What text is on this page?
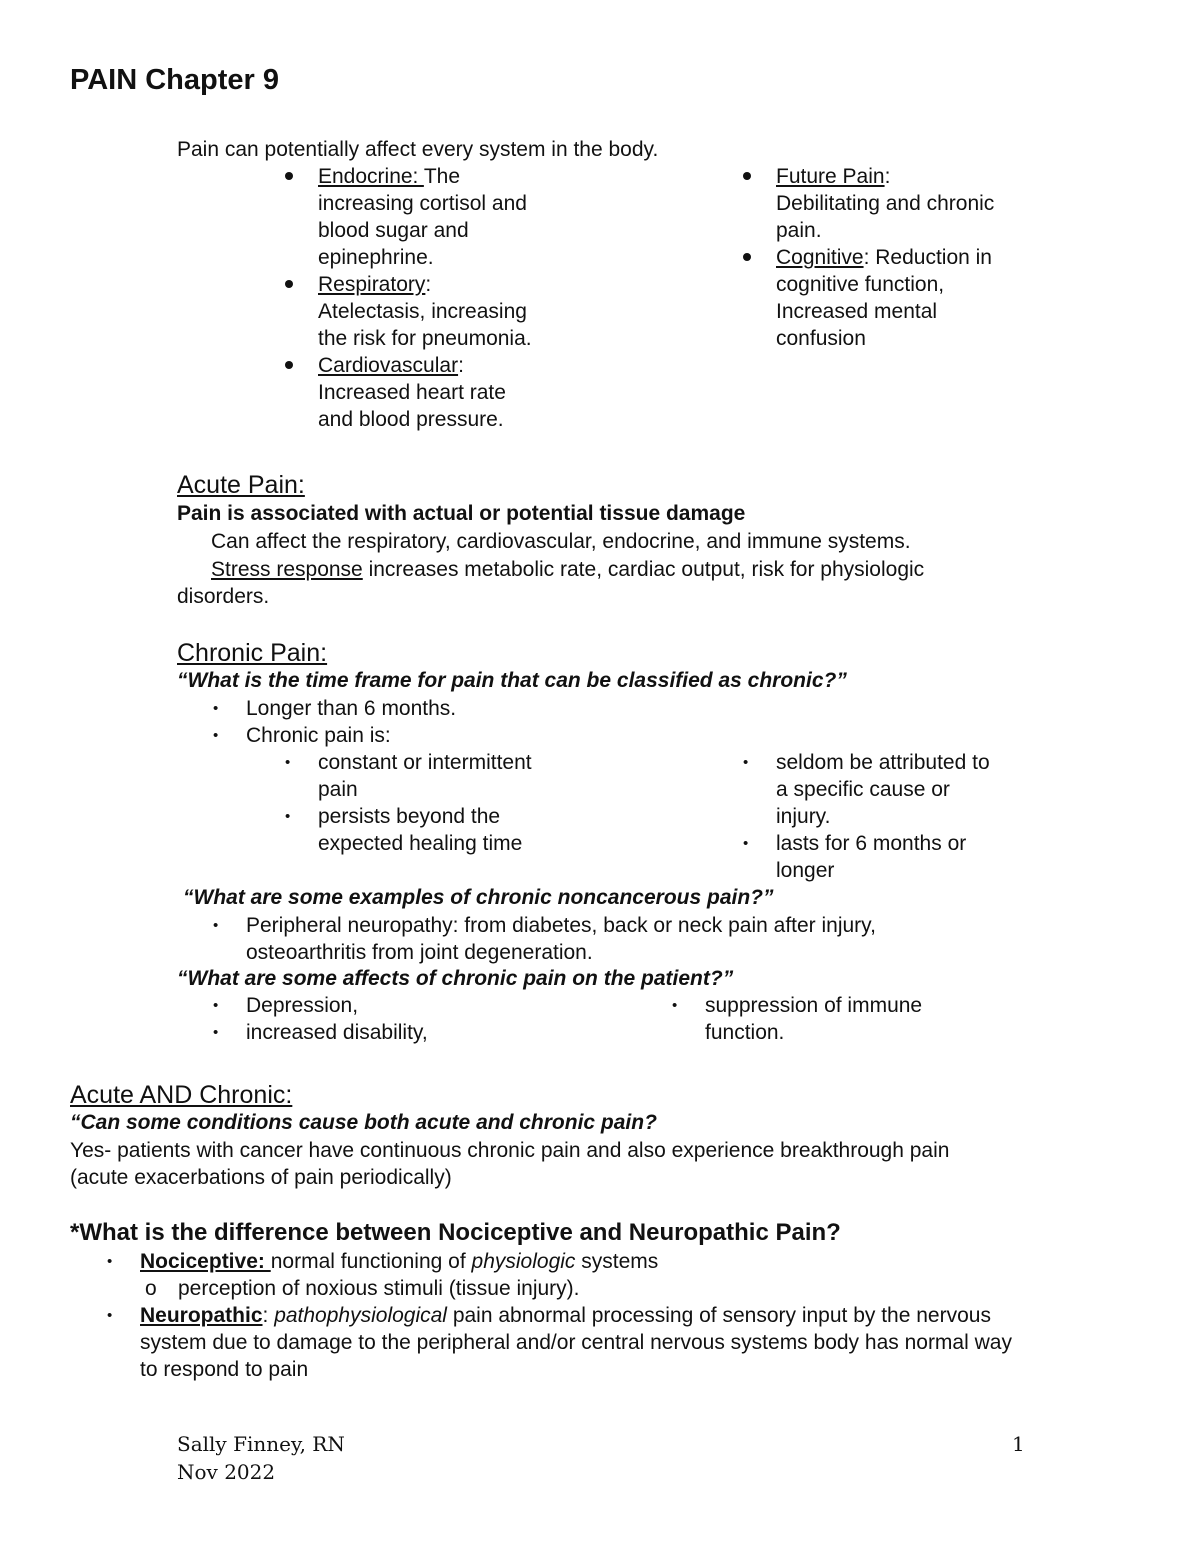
PAIN Chapter 9
Pain can potentially affect every system in the body.
Endocrine: The
increasing cortisol and
blood sugar and
epinephrine.
Respiratory:
Atelectasis, increasing
the risk for pneumonia.
Cardiovascular:
Increased heart rate
and blood pressure.
Future Pain:
Debilitating and chronic
pain.
Cognitive: Reduction in
cognitive function,
Increased mental
confusion
Acute Pain:
Pain is associated with actual or potential tissue damage
Can affect the respiratory, cardiovascular, endocrine, and immune systems.
Stress response increases metabolic rate, cardiac output, risk for physiologic
disorders.
Chronic Pain:
“What is the time frame for pain that can be classified as chronic?”
• Longer than 6 months.
• Chronic pain is:
• constant or intermittent
pain
• persists beyond the
expected healing time
• seldom be attributed to
a specific cause or
injury.
• lasts for 6 months or
longer
“What are some examples of chronic noncancerous pain?”
• Peripheral neuropathy: from diabetes, back or neck pain after injury,
osteoarthritis from joint degeneration.
“What are some affects of chronic pain on the patient?”
• Depression,
• increased disability,
• suppression of immune
function.
Acute AND Chronic:
“Can some conditions cause both acute and chronic pain?
Yes- patients with cancer have continuous chronic pain and also experience breakthrough pain
(acute exacerbations of pain periodically)
*What is the difference between Nociceptive and Neuropathic Pain?
• Nociceptive: normal functioning of physiologic systems
o perception of noxious stimuli (tissue injury).
• Neuropathic: pathophysiological pain abnormal processing of sensory input by the nervous
system due to damage to the peripheral and/or central nervous systems body has normal way
to respond to pain
Sally Finney, RN
Nov 2022
1
